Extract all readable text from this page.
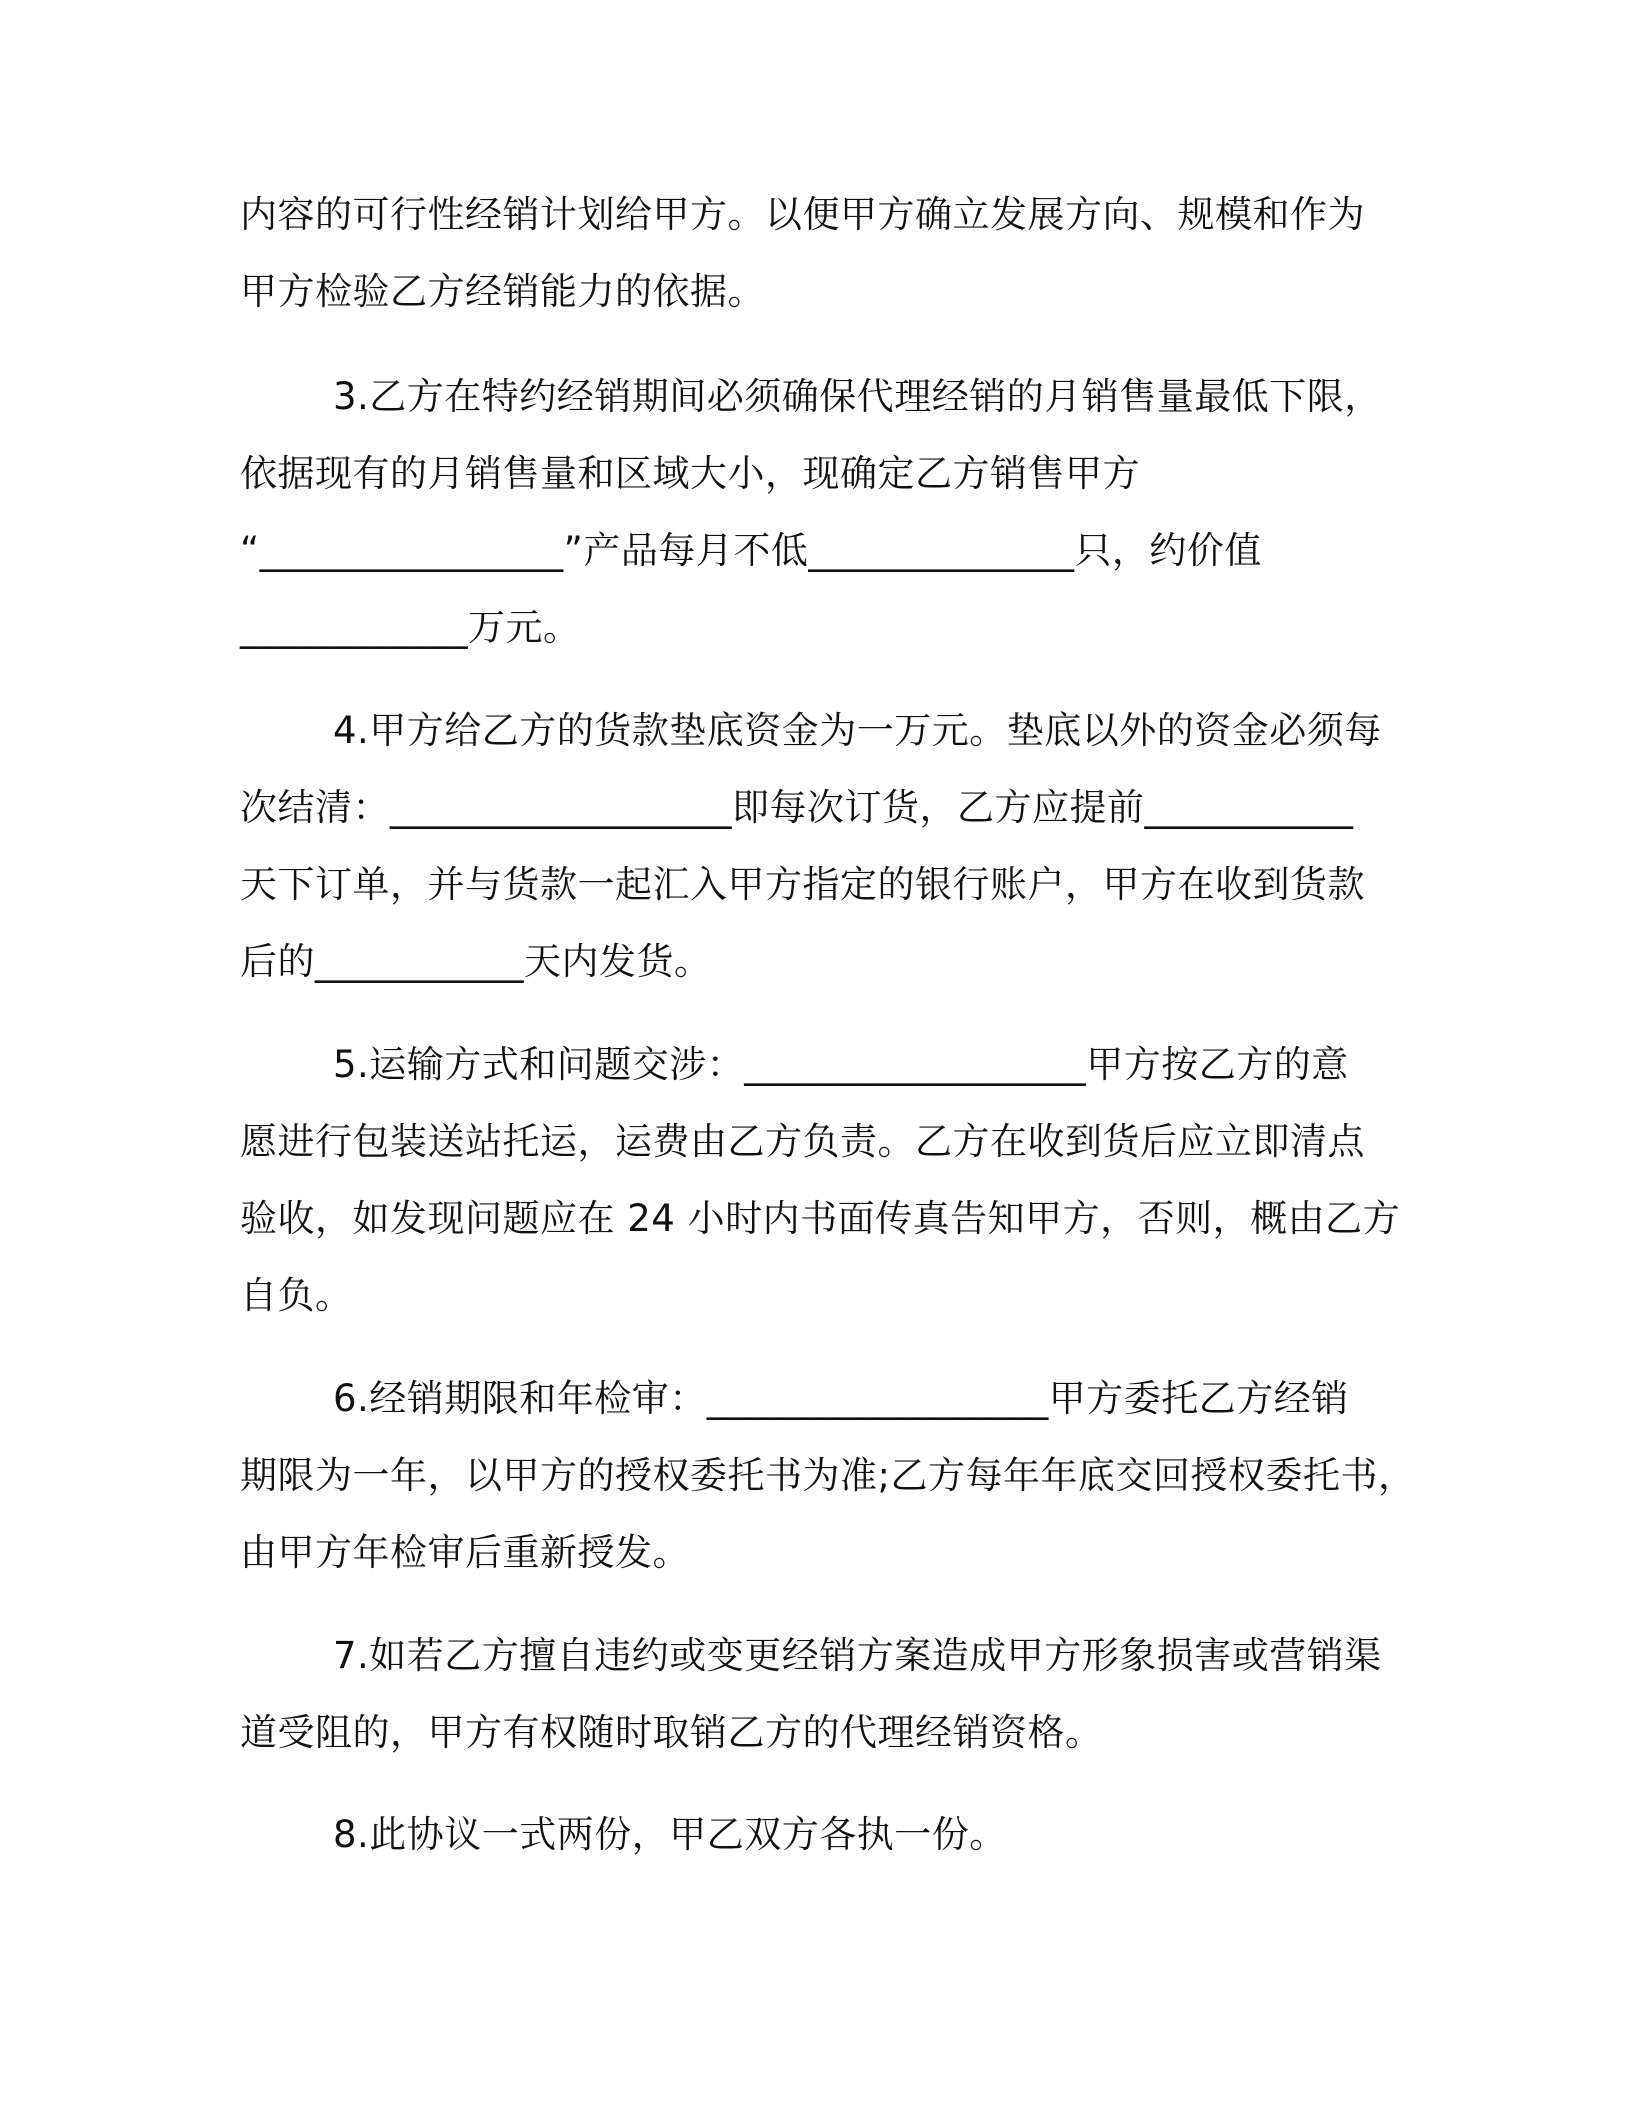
内容的可行性经销计划给甲方。以便甲方确立发展方向、规模和作为
甲方检验乙方经销能力的依据。
3.乙方在特约经销期间必须确保代理经销的月销售量最低下限，
依据现有的月销售量和区域大小，现确定乙方销售甲方
“________________”产品每月不低______________只，约价值
____________万元。
4.甲方给乙方的货款垫底资金为一万元。垫底以外的资金必须每
次结清：__________________即每次订货，乙方应提前___________
天下订单，并与货款一起汇入甲方指定的银行账户，甲方在收到货款
后的___________天内发货。
5.运输方式和问题交涉：__________________甲方按乙方的意
愿进行包装送站托运，运费由乙方负责。乙方在收到货后应立即清点
验收，如发现问题应在 24 小时内书面传真告知甲方，否则，概由乙方
自负。
6.经销期限和年检审：__________________甲方委托乙方经销
期限为一年，以甲方的授权委托书为准;乙方每年年底交回授权委托书，
由甲方年检审后重新授发。
7.如若乙方擅自违约或变更经销方案造成甲方形象损害或营销渠
道受阻的，甲方有权随时取销乙方的代理经销资格。
8.此协议一式两份，甲乙双方各执一份。
